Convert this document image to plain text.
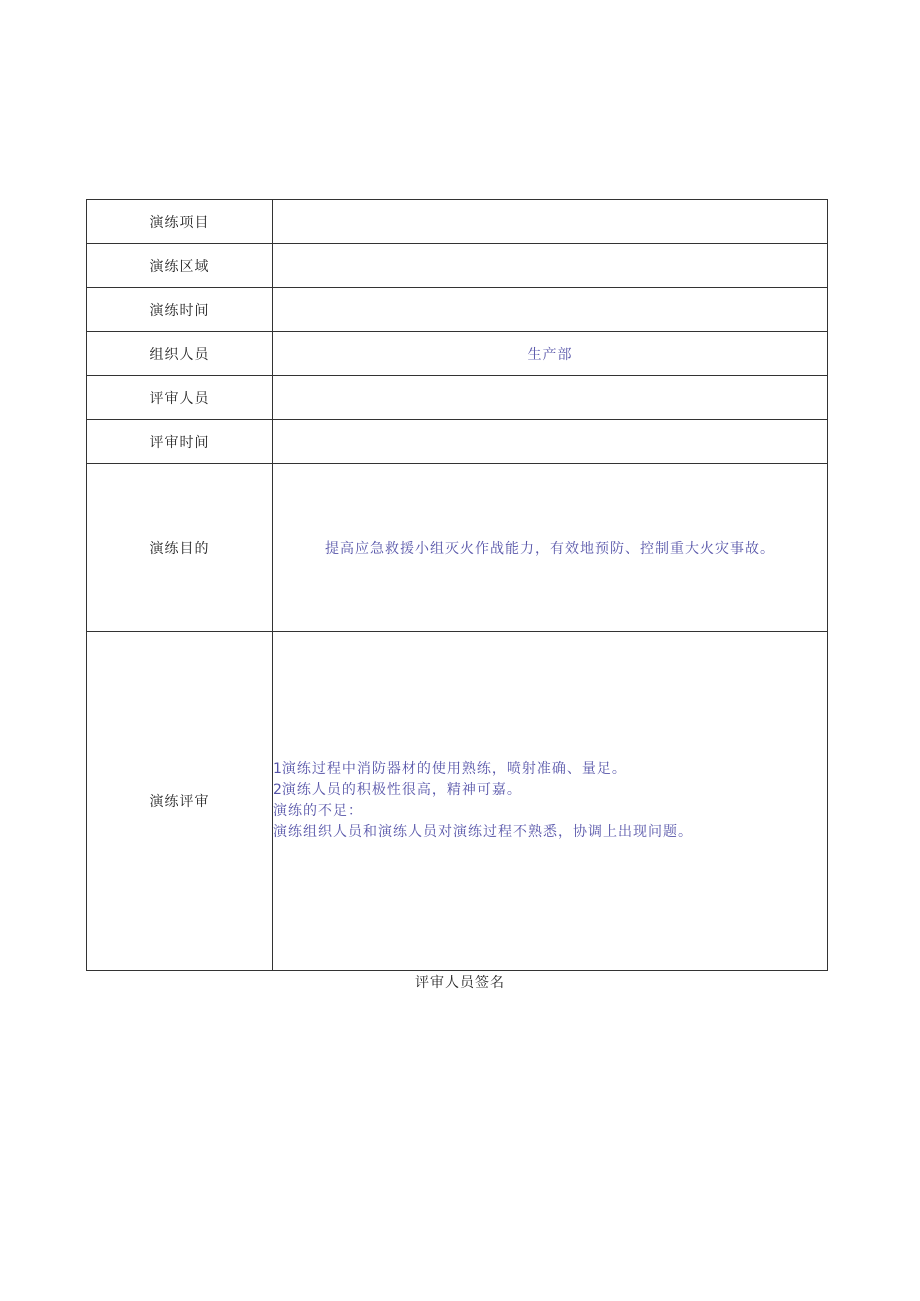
演练项目	
演练区域	
演练时间	
组织人员	生产部
评审人员	
评审时间	
演练目的	提高应急救援小组灭火作战能力，有效地预防、控制重大火灾事故。
演练评审	1演练过程中消防器材的使用熟练，喷射准确、量足。
2演练人员的积极性很高，精神可嘉。
演练的不足：
演练组织人员和演练人员对演练过程不熟悉，协调上出现问题。
评审人员签名
